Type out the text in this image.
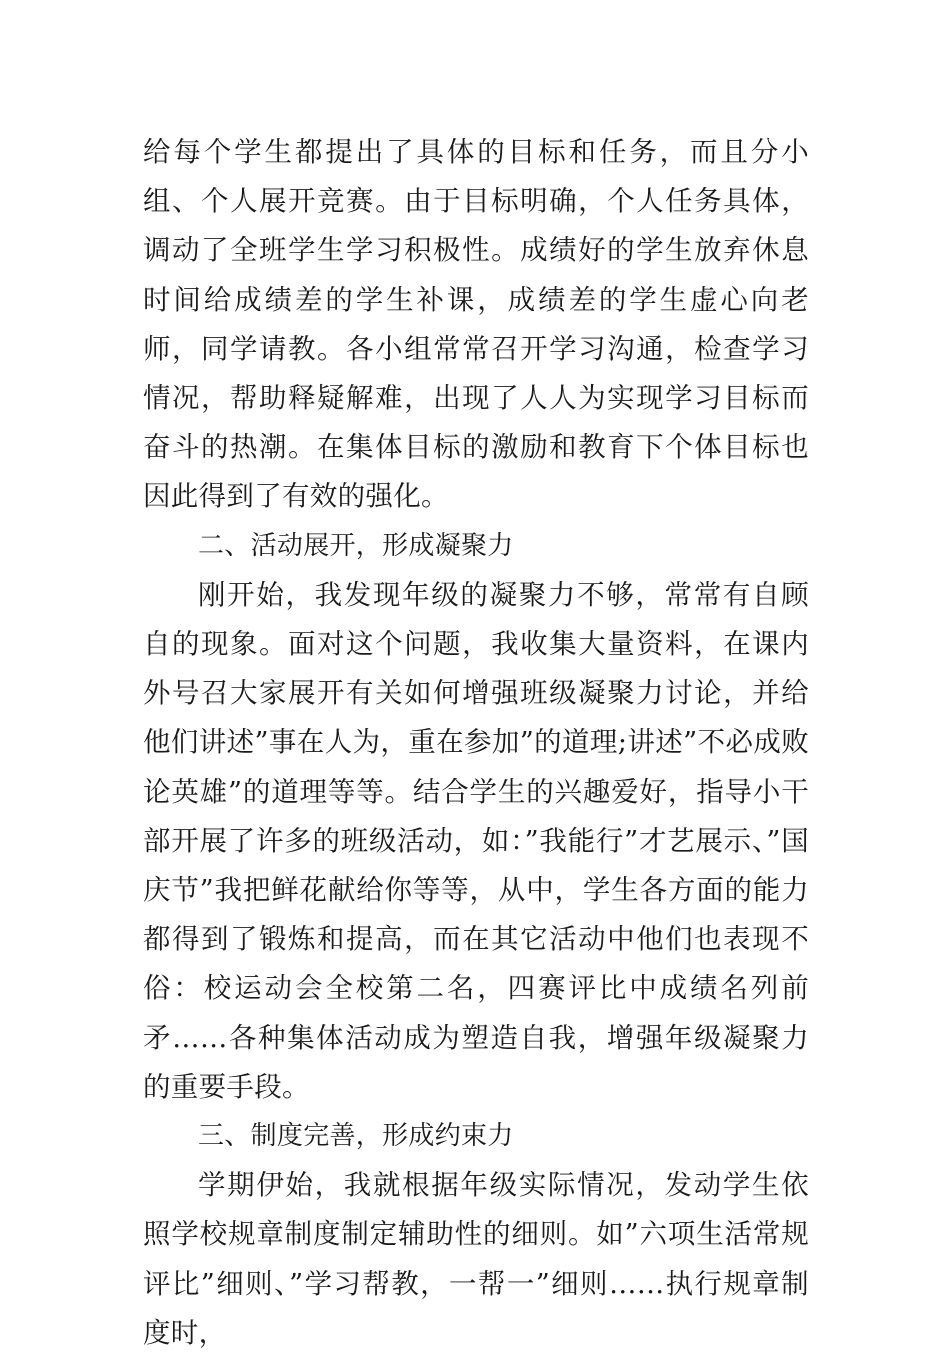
给每个学生都提出了具体的目标和任务，而且分小组、个人展开竞赛。由于目标明确，个人任务具体，调动了全班学生学习积极性。成绩好的学生放弃休息时间给成绩差的学生补课，成绩差的学生虚心向老师，同学请教。各小组常常召开学习沟通，检查学习情况，帮助释疑解难，出现了人人为实现学习目标而奋斗的热潮。在集体目标的激励和教育下个体目标也因此得到了有效的强化。

二、活动展开，形成凝聚力

刚开始，我发现年级的凝聚力不够，常常有自顾自的现象。面对这个问题，我收集大量资料，在课内外号召大家展开有关如何增强班级凝聚力讨论，并给他们讲述”事在人为，重在参加”的道理;讲述”不必成败论英雄”的道理等等。结合学生的兴趣爱好，指导小干部开展了许多的班级活动，如：”我能行”才艺展示、”国庆节”我把鲜花献给你等等，从中，学生各方面的能力都得到了锻炼和提高，而在其它活动中他们也表现不俗：校运动会全校第二名，四赛评比中成绩名列前矛……各种集体活动成为塑造自我，增强年级凝聚力的重要手段。

三、制度完善，形成约束力

学期伊始，我就根据年级实际情况，发动学生依照学校规章制度制定辅助性的细则。如”六项生活常规评比”细则、”学习帮教，一帮一”细则……执行规章制度时，
